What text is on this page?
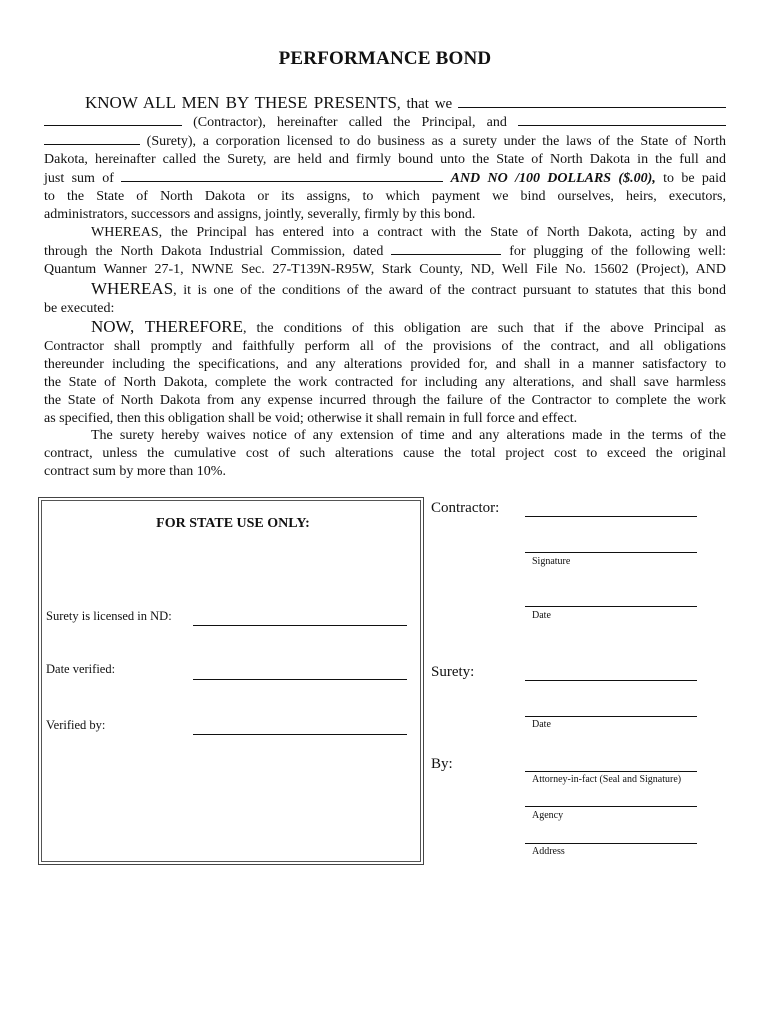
PERFORMANCE BOND
KNOW ALL MEN BY THESE PRESENTS, that we
(Contractor), hereinafter called the Principal, and
(Surety), a corporation licensed to do business as a surety under the laws of the State of North
Dakota, hereinafter called the Surety, are held and firmly bound unto the State of North Dakota in the full and
just sum of	AND NO /100 DOLLARS ($.00), to be paid
to the State of North Dakota or its assigns, to which payment we bind ourselves, heirs, executors,
administrators, successors and assigns, jointly, severally, firmly by this bond.
WHEREAS, the Principal has entered into a contract with the State of North Dakota, acting by and
through the North Dakota Industrial Commission, dated	for plugging of the following well:
Quantum Wanner 27-1, NWNE Sec. 27-T139N-R95W, Stark County, ND, Well File No. 15602 (Project), AND
WHEREAS, it is one of the conditions of the award of the contract pursuant to statutes that this bond
be executed:
NOW, THEREFORE, the conditions of this obligation are such that if the above Principal as
Contractor shall promptly and faithfully perform all of the provisions of the contract, and all obligations
thereunder including the specifications, and any alterations provided for, and shall in a manner satisfactory to
the State of North Dakota, complete the work contracted for including any alterations, and shall save harmless
the State of North Dakota from any expense incurred through the failure of the Contractor to complete the work
as specified, then this obligation shall be void; otherwise it shall remain in full force and effect.
The surety hereby waives notice of any extension of time and any alterations made in the terms of the
contract, unless the cumulative cost of such alterations cause the total project cost to exceed the original
contract sum by more than 10%.
FOR STATE USE ONLY:
Surety is licensed in ND:
Date verified:
Verified by:
Contractor:
Signature
Date
Surety:
Date
By:
Attorney-in-fact (Seal and Signature)
Agency
Address
